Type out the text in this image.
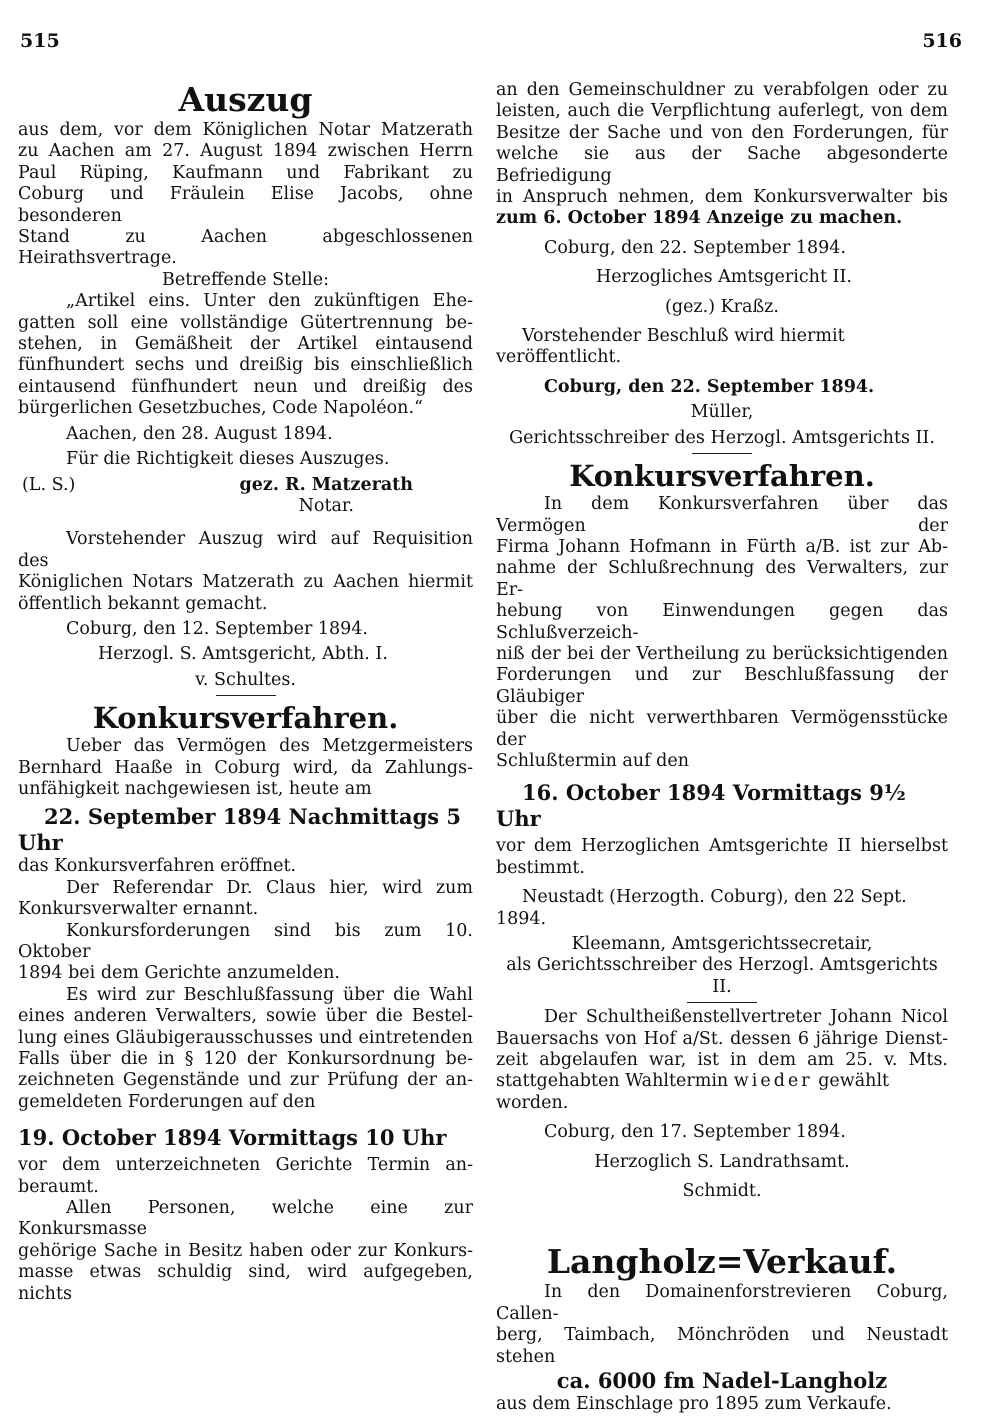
515	516

Auszug

aus dem, vor dem Königlichen Notar Matzerath

zu Aachen am 27. August 1894 zwischen Herrn

Paul Rüping, Kaufmann und Fabrikant zu

Coburg und Fräulein Elise Jacobs, ohne besonderen

Stand zu Aachen abgeschlossenen Heirathsvertrage.

Betreffende Stelle:

„Artikel eins. Unter den zukünftigen Ehe-

gatten soll eine vollständige Gütertrennung be-

stehen, in Gemäßheit der Artikel eintausend

fünfhundert sechs und dreißig bis einschließlich

eintausend fünfhundert neun und dreißig des

bürgerlichen Gesetzbuches, Code Napoléon.“

Aachen, den 28. August 1894.

Für die Richtigkeit dieses Auszuges.

(L. S.)	gez. R. Matzerath
Notar.

Vorstehender Auszug wird auf Requisition des

Königlichen Notars Matzerath zu Aachen hiermit

öffentlich bekannt gemacht.

Coburg, den 12. September 1894.

Herzogl. S. Amtsgericht, Abth. I.

v. Schultes.

Konkursverfahren.

Ueber das Vermögen des Metzgermeisters

Bernhard Haaße in Coburg wird, da Zahlungs-

unfähigkeit nachgewiesen ist, heute am

22. September 1894 Nachmittags 5 Uhr

das Konkursverfahren eröffnet.

Der Referendar Dr. Claus hier, wird zum

Konkursverwalter ernannt.

Konkursforderungen sind bis zum 10. Oktober

1894 bei dem Gerichte anzumelden.

Es wird zur Beschlußfassung über die Wahl

eines anderen Verwalters, sowie über die Bestel-

lung eines Gläubigerausschusses und eintretenden

Falls über die in § 120 der Konkursordnung be-

zeichneten Gegenstände und zur Prüfung der an-

gemeldeten Forderungen auf den

19. October 1894 Vormittags 10 Uhr

vor dem unterzeichneten Gerichte Termin an-

beraumt.

Allen Personen, welche eine zur Konkursmasse

gehörige Sache in Besitz haben oder zur Konkurs-

masse etwas schuldig sind, wird aufgegeben, nichts

an den Gemeinschuldner zu verabfolgen oder zu

leisten, auch die Verpflichtung auferlegt, von dem

Besitze der Sache und von den Forderungen, für

welche sie aus der Sache abgesonderte Befriedigung

in Anspruch nehmen, dem Konkursverwalter bis

zum 6. October 1894 Anzeige zu machen.

Coburg, den 22. September 1894.

Herzogliches Amtsgericht II.

(gez.) Kraßz.

Vorstehender Beschluß wird hiermit veröffentlicht.

Coburg, den 22. September 1894.

Müller,

Gerichtsschreiber des Herzogl. Amtsgerichts II.

Konkursverfahren.

In dem Konkursverfahren über das Vermögen der

Firma Johann Hofmann in Fürth a/B. ist zur Ab-

nahme der Schlußrechnung des Verwalters, zur Er-

hebung von Einwendungen gegen das Schlußverzeich-

niß der bei der Vertheilung zu berücksichtigenden

Forderungen und zur Beschlußfassung der Gläubiger

über die nicht verwerthbaren Vermögensstücke der

Schlußtermin auf den

16. October 1894 Vormittags 9½ Uhr

vor dem Herzoglichen Amtsgerichte II hierselbst

bestimmt.

Neustadt (Herzogth. Coburg), den 22 Sept. 1894.

Kleemann, Amtsgerichtssecretair,

als Gerichtsschreiber des Herzogl. Amtsgerichts II.

Der Schultheißenstellvertreter Johann Nicol

Bauersachs von Hof a/St. dessen 6 jährige Dienst-

zeit abgelaufen war, ist in dem am 25. v. Mts.

stattgehabten Wahltermin wieder gewählt worden.

Coburg, den 17. September 1894.

Herzoglich S. Landrathsamt.

Schmidt.

Langholz=Verkauf.

In den Domainenforstrevieren Coburg, Callen-

berg, Taimbach, Mönchröden und Neustadt stehen

ca. 6000 fm Nadel-Langholz

aus dem Einschlage pro 1895 zum Verkaufe.
